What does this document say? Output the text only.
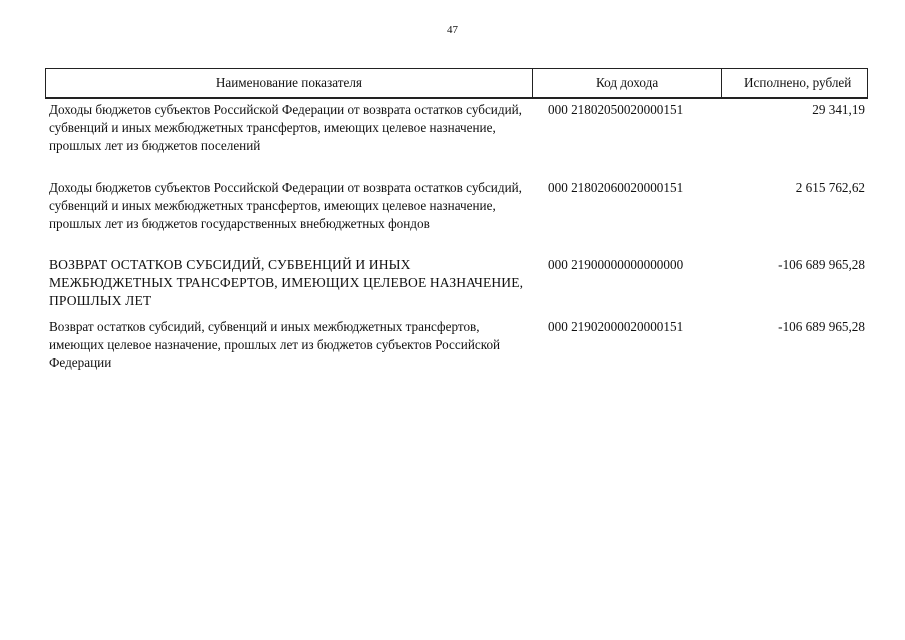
47
Наименование показателя	Код дохода	Исполнено, рублей
Доходы бюджетов субъектов Российской Федерации от возврата остатков субсидий, субвенций и иных межбюджетных трансфертов, имеющих целевое назначение, прошлых лет из бюджетов поселений
000 21802050020000151	29 341,19
Доходы бюджетов субъектов Российской Федерации от возврата остатков субсидий, субвенций и иных межбюджетных трансфертов, имеющих целевое назначение, прошлых лет из бюджетов государственных внебюджетных фондов
000 21802060020000151	2 615 762,62
ВОЗВРАТ ОСТАТКОВ СУБСИДИЙ, СУБВЕНЦИЙ И ИНЫХ МЕЖБЮДЖЕТНЫХ ТРАНСФЕРТОВ, ИМЕЮЩИХ ЦЕЛЕВОЕ НАЗНАЧЕНИЕ, ПРОШЛЫХ ЛЕТ
000 21900000000000000	-106 689 965,28
Возврат остатков субсидий, субвенций и иных межбюджетных трансфертов, имеющих целевое назначение, прошлых лет из бюджетов субъектов Российской Федерации
000 21902000020000151	-106 689 965,28
